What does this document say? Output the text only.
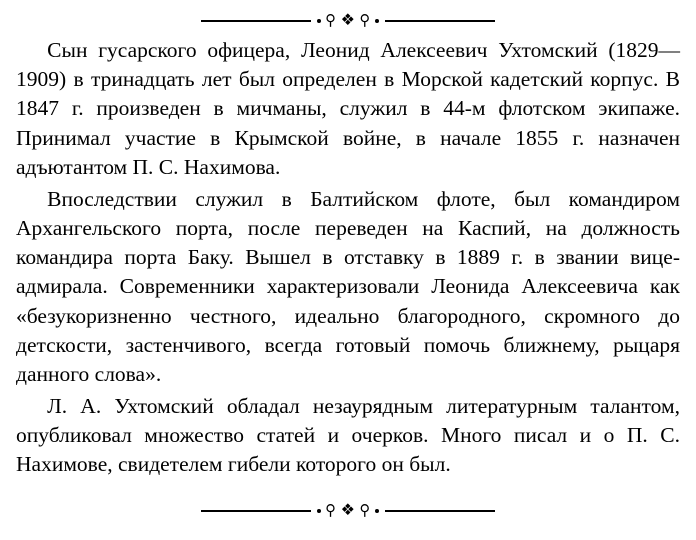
⚲ ❖ ⚲

Сын гусарского офицера, Леонид Алексеевич Ухтомский (1829—1909) в тринадцать лет был определен в Морской кадетский корпус. В 1847 г. произведен в мичманы, служил в 44-м флотском экипаже. Принимал участие в Крымской войне, в начале 1855 г. назначен адъютантом П. С. Нахимова.

Впоследствии служил в Балтийском флоте, был командиром Архангельского порта, после переведен на Каспий, на должность командира порта Баку. Вышел в отставку в 1889 г. в звании вице-адмирала. Современники характеризовали Леонида Алексеевича как «безукоризненно честного, идеально благородного, скромного до детскости, застенчивого, всегда готовый помочь ближнему, рыцаря данного слова».

Л. А. Ухтомский обладал незаурядным литературным талантом, опубликовал множество статей и очерков. Много писал и о П. С. Нахимове, свидетелем гибели которого он был.

⚲ ❖ ⚲
